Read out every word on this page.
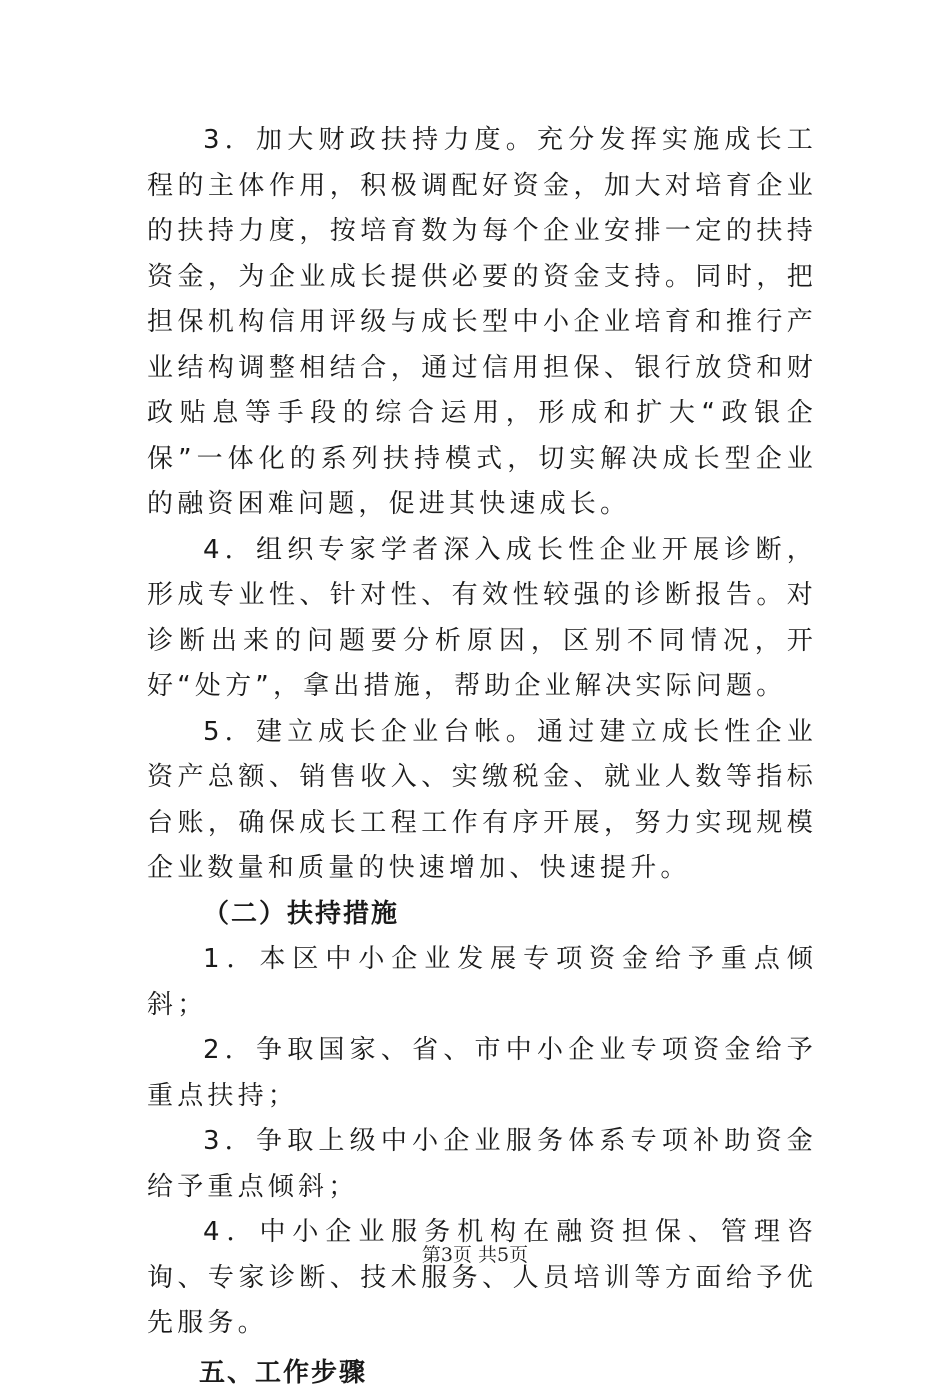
3．加大财政扶持力度。充分发挥实施成长工程的主体作用，积极调配好资金，加大对培育企业的扶持力度，按培育数为每个企业安排一定的扶持资金，为企业成长提供必要的资金支持。同时，把担保机构信用评级与成长型中小企业培育和推行产业结构调整相结合，通过信用担保、银行放贷和财政贴息等手段的综合运用，形成和扩大“政银企保”一体化的系列扶持模式，切实解决成长型企业的融资困难问题，促进其快速成长。

4．组织专家学者深入成长性企业开展诊断，形成专业性、针对性、有效性较强的诊断报告。对诊断出来的问题要分析原因，区别不同情况，开好“处方”，拿出措施，帮助企业解决实际问题。

5．建立成长企业台帐。通过建立成长性企业资产总额、销售收入、实缴税金、就业人数等指标台账，确保成长工程工作有序开展，努力实现规模企业数量和质量的快速增加、快速提升。

（二）扶持措施

1．本区中小企业发展专项资金给予重点倾斜；

2．争取国家、省、市中小企业专项资金给予重点扶持；

3．争取上级中小企业服务体系专项补助资金给予重点倾斜；

4．中小企业服务机构在融资担保、管理咨询、专家诊断、技术服务、人员培训等方面给予优先服务。

五、工作步骤

第3页 共5页
